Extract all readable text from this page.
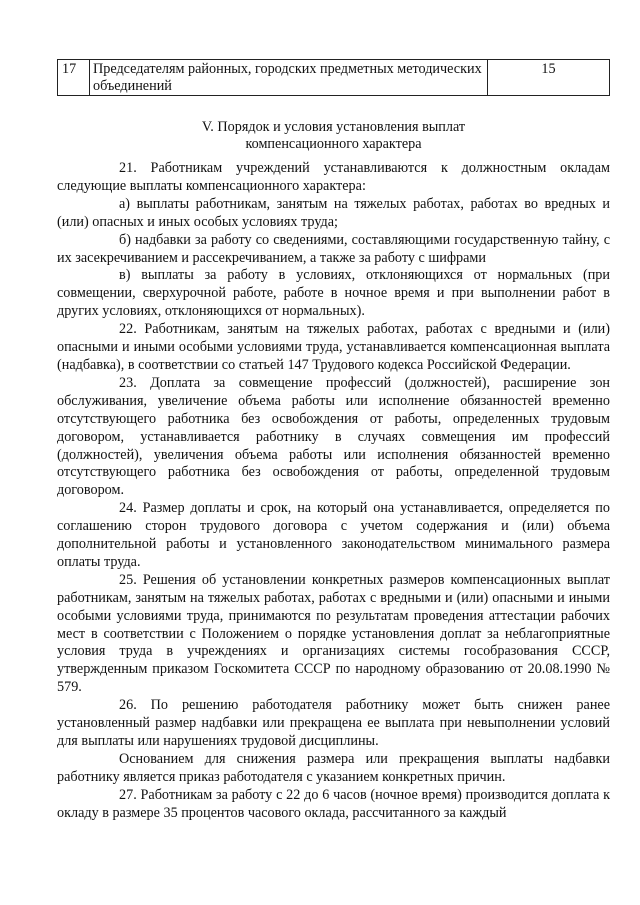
17	Председателям районных, городских предметных методических объединений	15
V. Порядок и условия установления выплат
компенсационного характера

21. Работникам учреждений устанавливаются к должностным окладам следующие выплаты компенсационного характера:

а) выплаты работникам, занятым на тяжелых работах, работах во вредных и (или) опасных и иных особых условиях труда;

б) надбавки за работу со сведениями, составляющими государственную тайну, с их засекречиванием и рассекречиванием, а также за работу с шифрами

в) выплаты за работу в условиях, отклоняющихся от нормальных (при совмещении, сверхурочной работе, работе в ночное время и при выполнении работ в других условиях, отклоняющихся от нормальных).

22. Работникам, занятым на тяжелых работах, работах с вредными и (или) опасными и иными особыми условиями труда, устанавливается компенсационная выплата (надбавка), в соответствии со статьей 147 Трудового кодекса Российской Федерации.

23. Доплата за совмещение профессий (должностей), расширение зон обслуживания, увеличение объема работы или исполнение обязанностей временно отсутствующего работника без освобождения от работы, определенных трудовым договором, устанавливается работнику в случаях совмещения им профессий (должностей), увеличения объема работы или исполнения обязанностей временно отсутствующего работника без освобождения от работы, определенной трудовым договором.

24. Размер доплаты и срок, на который она устанавливается, определяется по соглашению сторон трудового договора с учетом содержания и (или) объема дополнительной работы и установленного законодательством минимального размера оплаты труда.

25. Решения об установлении конкретных размеров компенсационных выплат работникам, занятым на тяжелых работах, работах с вредными и (или) опасными и иными особыми условиями труда, принимаются по результатам проведения аттестации рабочих мест в соответствии с Положением о порядке установления доплат за неблагоприятные условия труда в учреждениях и организациях системы гособразования СССР, утвержденным приказом Госкомитета СССР по народному образованию от 20.08.1990 № 579.

26. По решению работодателя работнику может быть снижен ранее установленный размер надбавки или прекращена ее выплата при невыполнении условий для выплаты или нарушениях трудовой дисциплины.

Основанием для снижения размера или прекращения выплаты надбавки работнику является приказ работодателя с указанием конкретных причин.

27. Работникам за работу с 22 до 6 часов (ночное время) производится доплата к окладу в размере 35 процентов часового оклада, рассчитанного за каждый
